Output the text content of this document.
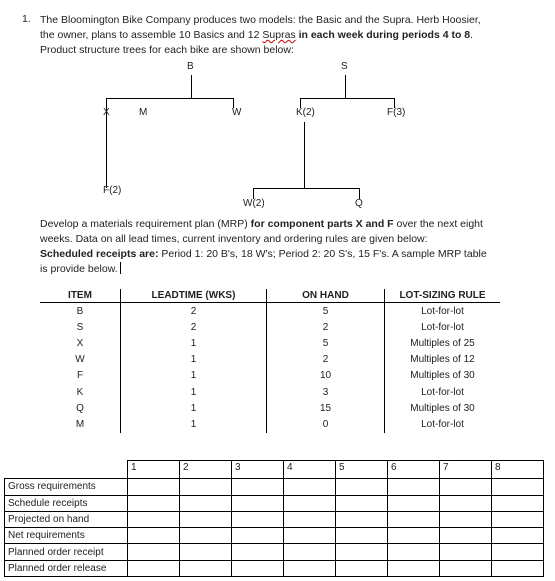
1. The Bloomington Bike Company produces two models: the Basic and the Supra. Herb Hoosier,
the owner, plans to assemble 10 Basics and 12 Supras in each week during periods 4 to 8.
Product structure trees for each bike are shown below:
B
X	M	W
F(2)
S
K(2)	F(3)
W(2)	Q
Develop a materials requirement plan (MRP) for component parts X and F over the next eight
weeks. Data on all lead times, current inventory and ordering rules are given below:
Scheduled receipts are: Period 1: 20 B's, 18 W's; Period 2: 20 S's, 15 F's. A sample MRP table
is provide below.
ITEM	LEADTIME (WKS)	ON HAND	LOT-SIZING RULE
B	2	5	Lot-for-lot
S	2	2	Lot-for-lot
X	1	5	Multiples of 25
W	1	2	Multiples of 12
F	1	10	Multiples of 30
K	1	3	Lot-for-lot
Q	1	15	Multiples of 30
M	1	0	Lot-for-lot
	1	2	3	4	5	6	7	8
Gross requirements								
Schedule receipts								
Projected on hand								
Net requirements								
Planned order receipt								
Planned order release								
